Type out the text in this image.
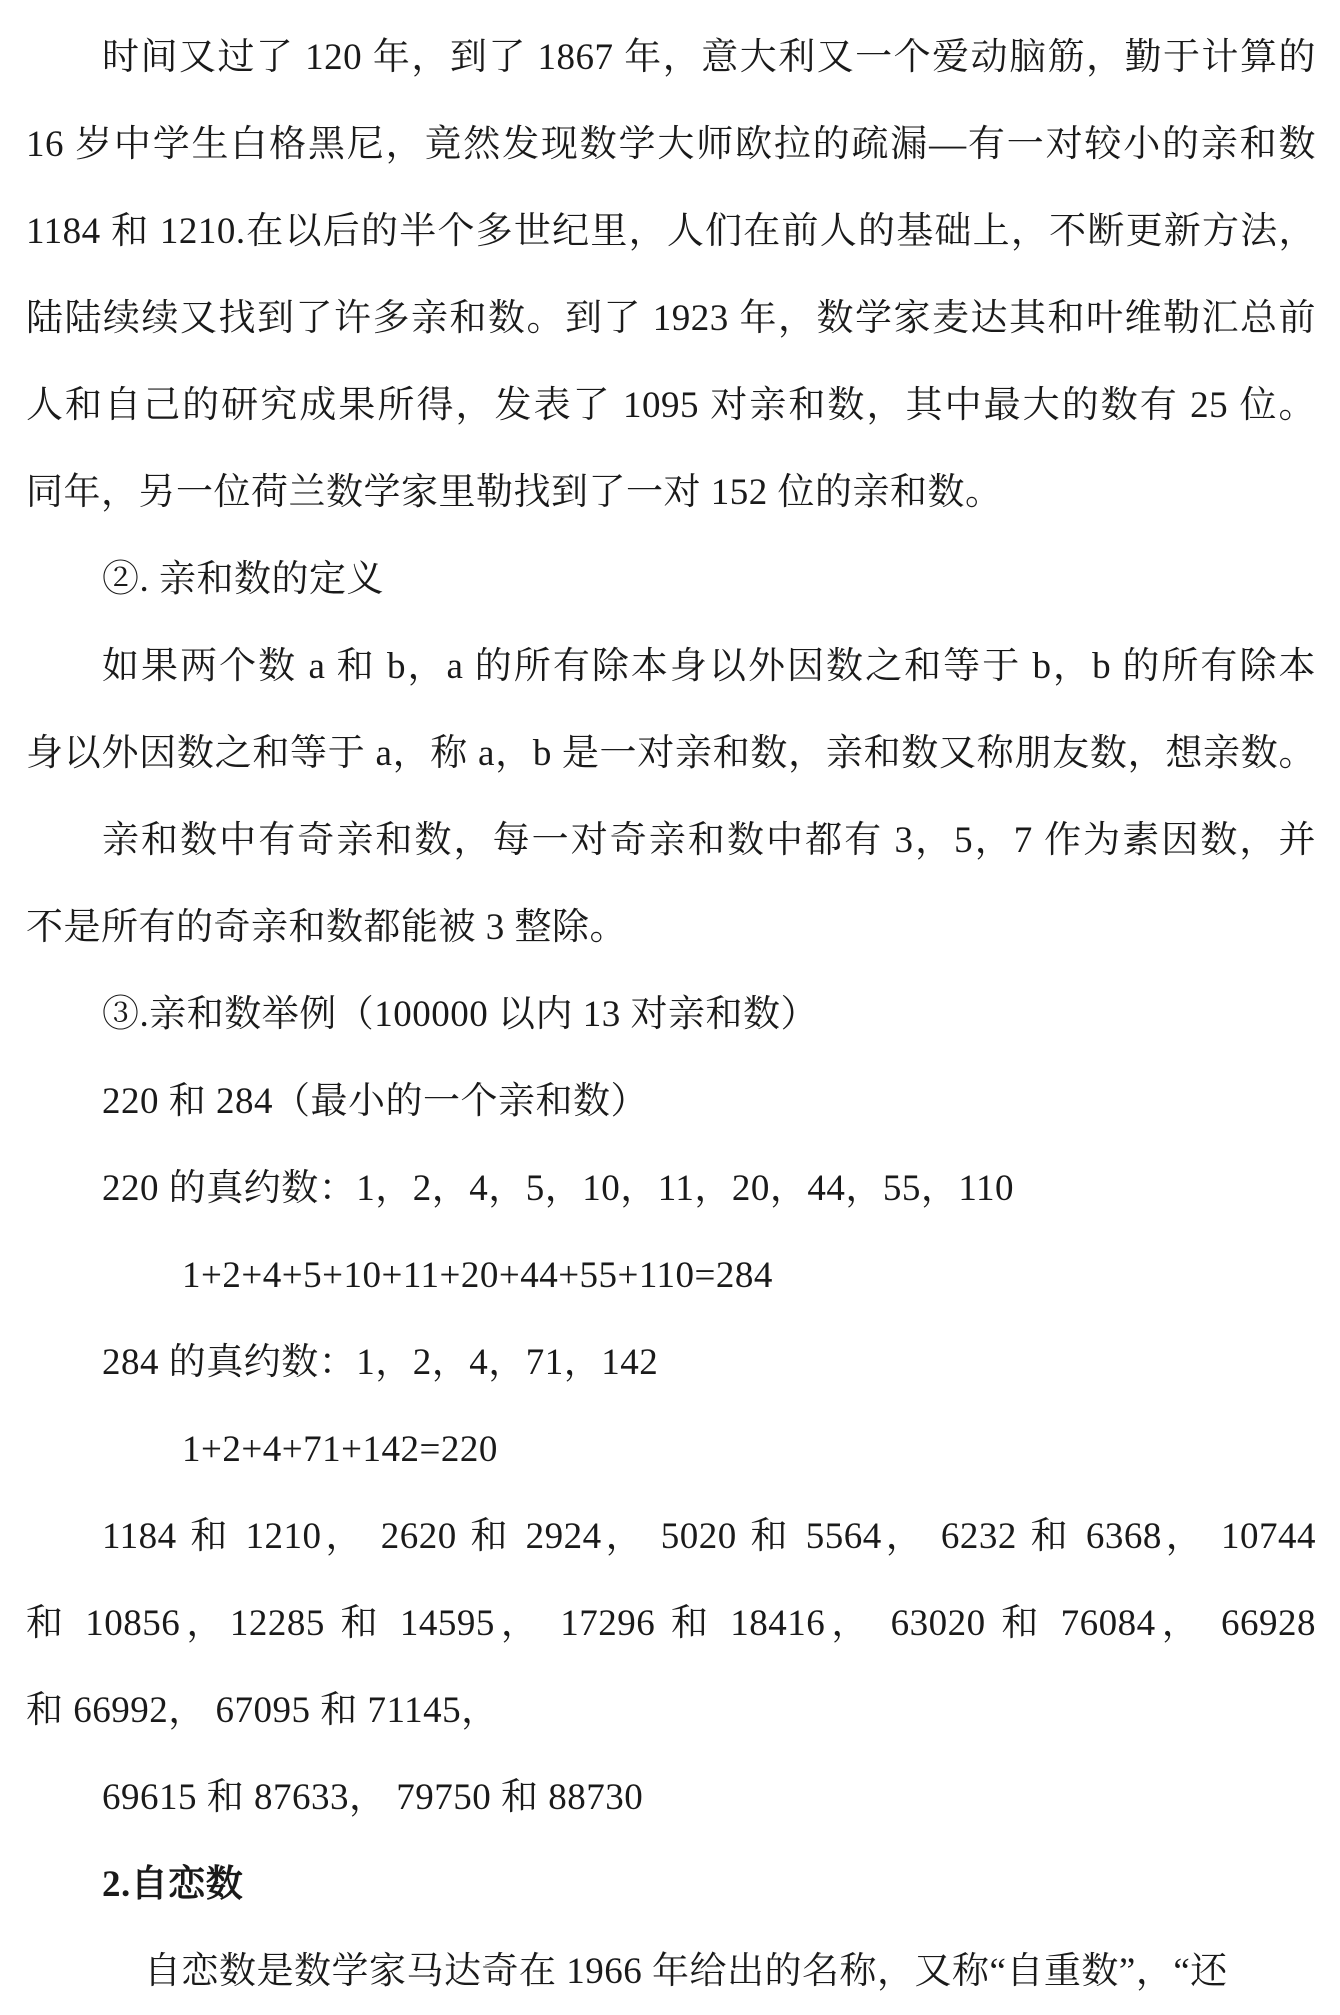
时间又过了 120 年，到了 1867 年，意大利又一个爱动脑筋，勤于计算的
16 岁中学生白格黑尼，竟然发现数学大师欧拉的疏漏—有一对较小的亲和数
1184 和 1210.在以后的半个多世纪里，人们在前人的基础上，不断更新方法，
陆陆续续又找到了许多亲和数。到了 1923 年，数学家麦达其和叶维勒汇总前
人和自己的研究成果所得，发表了 1095 对亲和数，其中最大的数有 25 位。
同年，另一位荷兰数学家里勒找到了一对 152 位的亲和数。
②. 亲和数的定义
如果两个数 a 和 b，a 的所有除本身以外因数之和等于 b，b 的所有除本
身以外因数之和等于 a，称 a，b 是一对亲和数，亲和数又称朋友数，想亲数。
亲和数中有奇亲和数，每一对奇亲和数中都有 3，5，7 作为素因数，并
不是所有的奇亲和数都能被 3 整除。
③.亲和数举例（100000 以内 13 对亲和数）
220 和 284（最小的一个亲和数）
220 的真约数：1，2，4，5，10，11，20，44，55，110
1+2+4+5+10+11+20+44+55+110=284
284 的真约数：1，2，4，71，142
1+2+4+71+142=220
1184 和 1210， 2620 和 2924， 5020 和 5564， 6232 和 6368， 10744
和 10856，12285 和 14595， 17296 和 18416， 63020 和 76084， 66928
和 66992， 67095 和 71145，
69615 和 87633， 79750 和 88730
2.自恋数
自恋数是数学家马达奇在 1966 年给出的名称，又称“自重数”，“还
